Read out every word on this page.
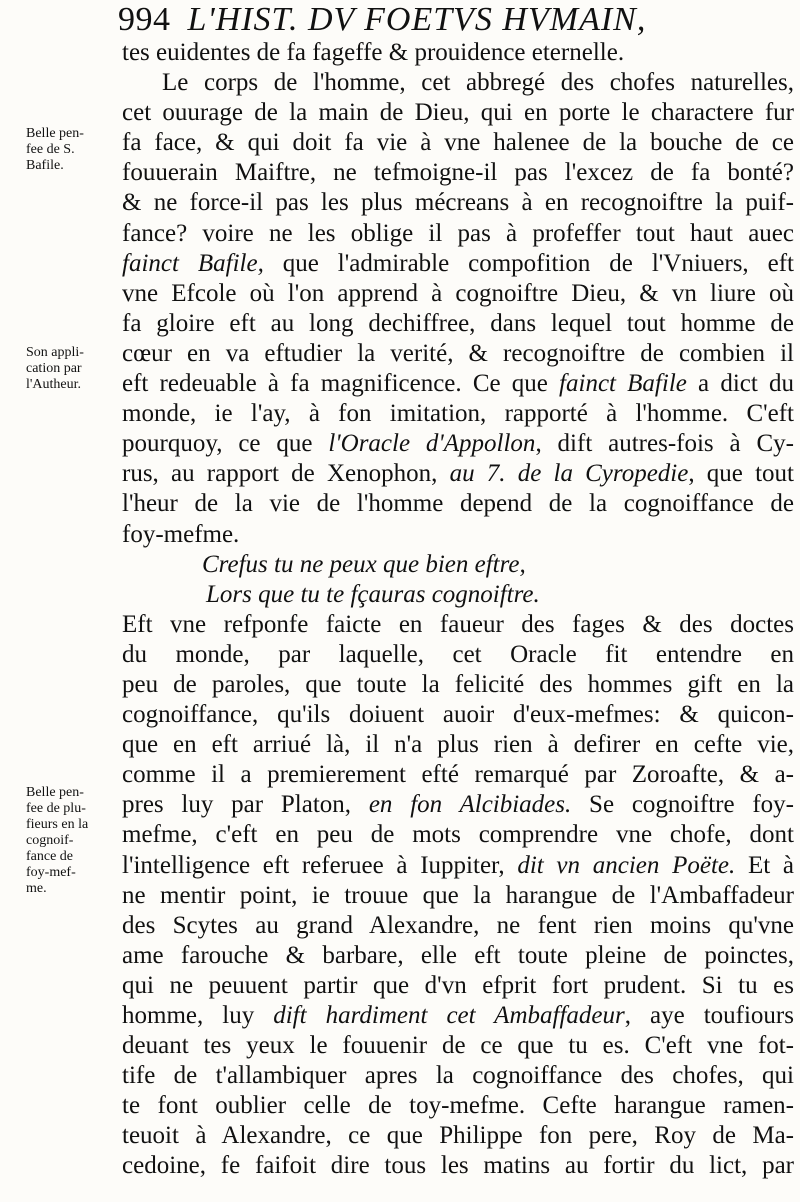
994 L'HIST. DV FOETVS HVMAIN,
Belle pen-
fee de S.
Bafile.
Son appli-
cation par
l'Autheur.
Belle pen-
fee de plu-
fieurs en la
cognoif-
fance de
foy-mef-
me.
tes euidentes de fa fageffe & prouidence eternelle.
Le corps de l'homme, cet abbregé des chofes naturelles,
cet ouurage de la main de Dieu, qui en porte le charactere fur
fa face, & qui doit fa vie à vne halenee de la bouche de ce
fouuerain Maiftre, ne tefmoigne-il pas l'excez de fa bonté?
& ne force-il pas les plus mécreans à en recognoiftre la puif-
fance? voire ne les oblige il pas à profeffer tout haut auec
fainct Bafile, que l'admirable compofition de l'Vniuers, eft
vne Efcole où l'on apprend à cognoiftre Dieu, & vn liure où
fa gloire eft au long dechiffree, dans lequel tout homme de
cœur en va eftudier la verité, & recognoiftre de combien il
eft redeuable à fa magnificence. Ce que fainct Bafile a dict du
monde, ie l'ay, à fon imitation, rapporté à l'homme. C'eft
pourquoy, ce que l'Oracle d'Appollon, dift autres-fois à Cy-
rus, au rapport de Xenophon, au 7. de la Cyropedie, que tout
l'heur de la vie de l'homme depend de la cognoiffance de
foy-mefme.
Crefus tu ne peux que bien eftre,
Lors que tu te fçauras cognoiftre.
Eft vne refponfe faicte en faueur des fages & des doctes
du monde, par laquelle, cet Oracle fit entendre en
peu de paroles, que toute la felicité des hommes gift en la
cognoiffance, qu'ils doiuent auoir d'eux-mefmes: & quicon-
que en eft arriué là, il n'a plus rien à defirer en cefte vie,
comme il a premierement efté remarqué par Zoroafte, & a-
pres luy par Platon, en fon Alcibiades. Se cognoiftre foy-
mefme, c'eft en peu de mots comprendre vne chofe, dont
l'intelligence eft referuee à Iuppiter, dit vn ancien Poëte. Et à
ne mentir point, ie trouue que la harangue de l'Ambaffadeur
des Scytes au grand Alexandre, ne fent rien moins qu'vne
ame farouche & barbare, elle eft toute pleine de poinctes,
qui ne peuuent partir que d'vn efprit fort prudent. Si tu es
homme, luy dift hardiment cet Ambaffadeur, aye toufiours
deuant tes yeux le fouuenir de ce que tu es. C'eft vne fot-
tife de t'allambiquer apres la cognoiffance des chofes, qui
te font oublier celle de toy-mefme. Cefte harangue ramen-
teuoit à Alexandre, ce que Philippe fon pere, Roy de Ma-
cedoine, fe faifoit dire tous les matins au fortir du lict, par
